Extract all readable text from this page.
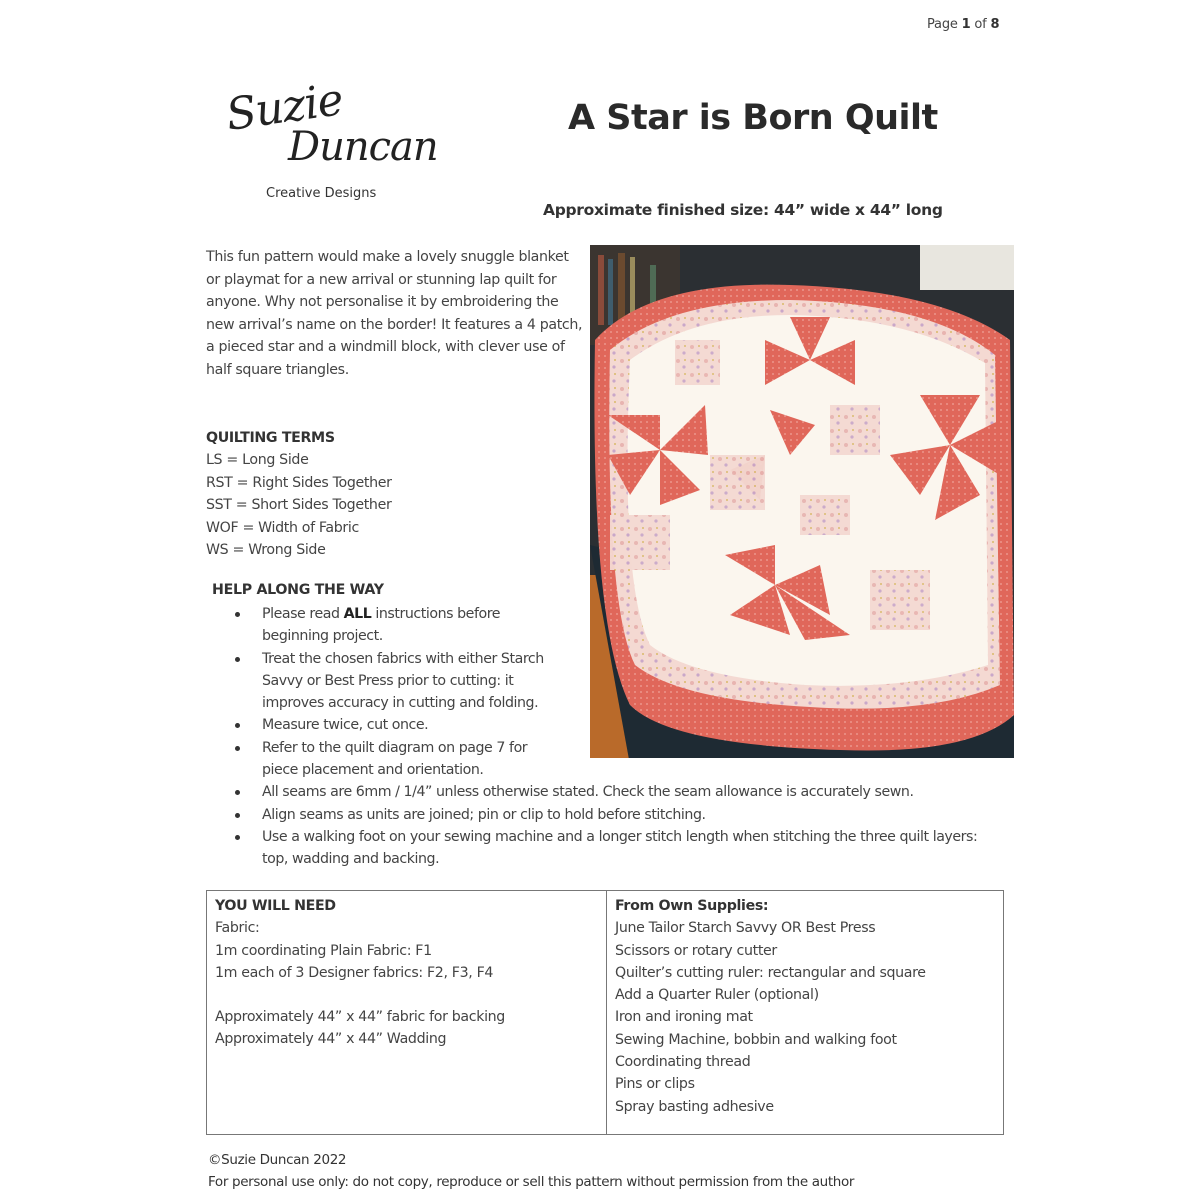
Page 1 of 8
Suzie
Duncan
Creative Designs
A Star is Born Quilt
Approximate finished size: 44” wide x 44” long
This fun pattern would make a lovely snuggle blanket or playmat for a new arrival or stunning lap quilt for anyone. Why not personalise it by embroidering the new arrival’s name on the border! It features a 4 patch, a pieced star and a windmill block, with clever use of half square triangles.
QUILTING TERMS
LS = Long Side
RST = Right Sides Together
SST = Short Sides Together
WOF = Width of Fabric
WS = Wrong Side
HELP ALONG THE WAY
Please read ALL instructions before beginning project.
Treat the chosen fabrics with either Starch Savvy or Best Press prior to cutting: it improves accuracy in cutting and folding.
Measure twice, cut once.
Refer to the quilt diagram on page 7 for piece placement and orientation.
All seams are 6mm / 1/4” unless otherwise stated. Check the seam allowance is accurately sewn.
Align seams as units are joined; pin or clip to hold before stitching.
Use a walking foot on your sewing machine and a longer stitch length when stitching the three quilt layers: top, wadding and backing.
YOU WILL NEED
Fabric:
1m coordinating Plain Fabric: F1
1m each of 3 Designer fabrics: F2, F3, F4
Approximately 44” x 44” fabric for backing
Approximately 44” x 44” Wadding
From Own Supplies:
June Tailor Starch Savvy OR Best Press
Scissors or rotary cutter
Quilter’s cutting ruler: rectangular and square
Add a Quarter Ruler (optional)
Iron and ironing mat
Sewing Machine, bobbin and walking foot
Coordinating thread
Pins or clips
Spray basting adhesive
©Suzie Duncan 2022
For personal use only: do not copy, reproduce or sell this pattern without permission from the author
